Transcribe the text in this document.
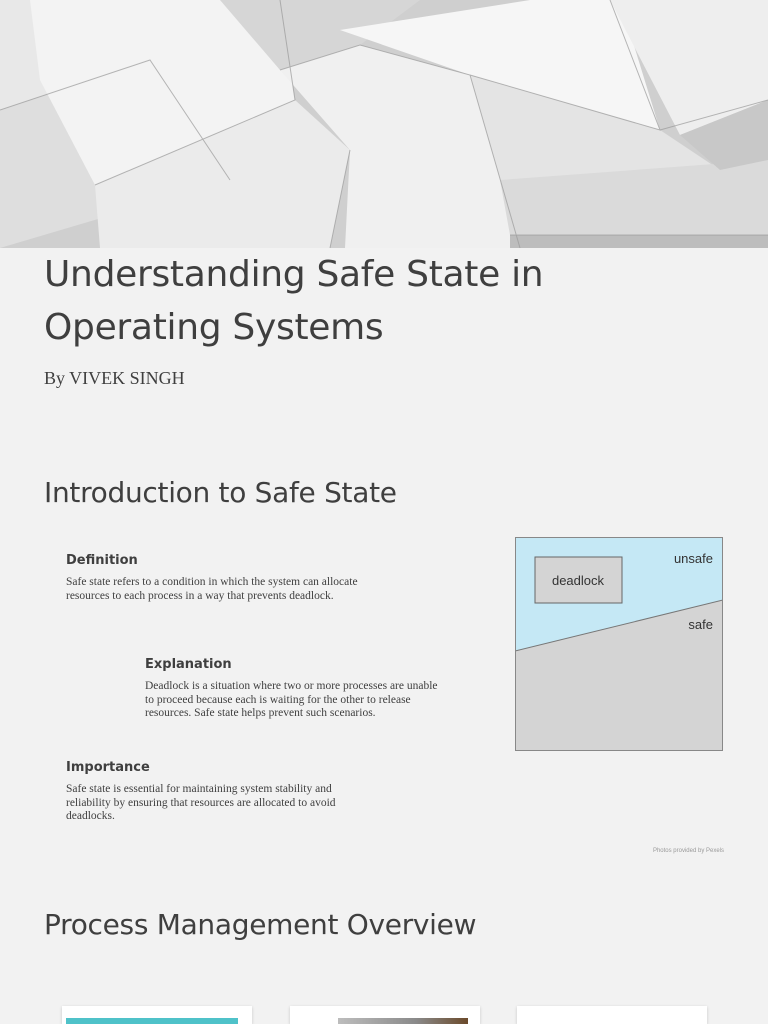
Understanding Safe State in Operating Systems
By VIVEK SINGH
Introduction to Safe State
Definition

Safe state refers to a condition in which the system can allocate resources to each process in a way that prevents deadlock.

Explanation

Deadlock is a situation where two or more processes are unable to proceed because each is waiting for the other to release resources. Safe state helps prevent such scenarios.

Importance

Safe state is essential for maintaining system stability and reliability by ensuring that resources are allocated to avoid deadlocks.

deadlock
unsafe
safe
Photos provided by Pexels
Process Management Overview
